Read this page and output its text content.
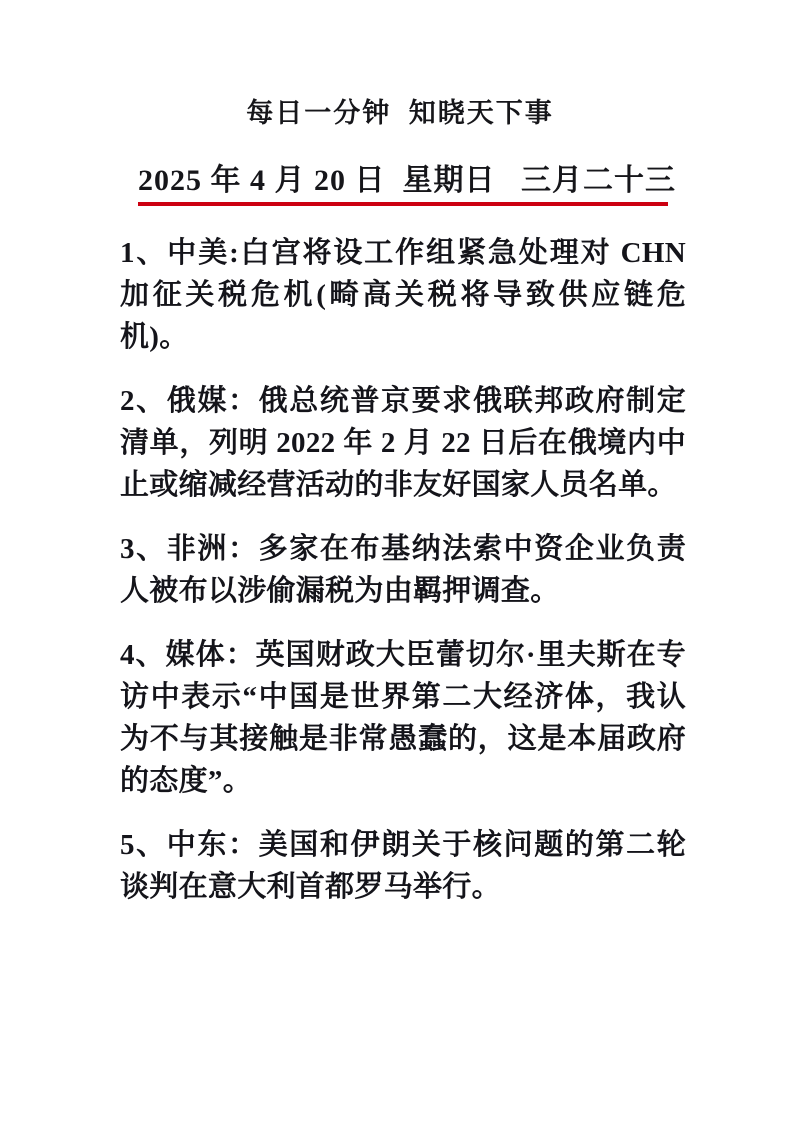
每日一分钟  知晓天下事
2025 年 4 月 20 日  星期日   三月二十三

1、中美:白宫将设工作组紧急处理对 CHN 加征关税危机(畸高关税将导致供应链危机)。

2、俄媒：俄总统普京要求俄联邦政府制定清单，列明 2022 年 2 月 22 日后在俄境内中止或缩减经营活动的非友好国家人员名单。

3、非洲：多家在布基纳法索中资企业负责人被布以涉偷漏税为由羁押调查。

4、媒体：英国财政大臣蕾切尔·里夫斯在专访中表示“中国是世界第二大经济体，我认为不与其接触是非常愚蠢的，这是本届政府的态度”。

5、中东：美国和伊朗关于核问题的第二轮谈判在意大利首都罗马举行。
